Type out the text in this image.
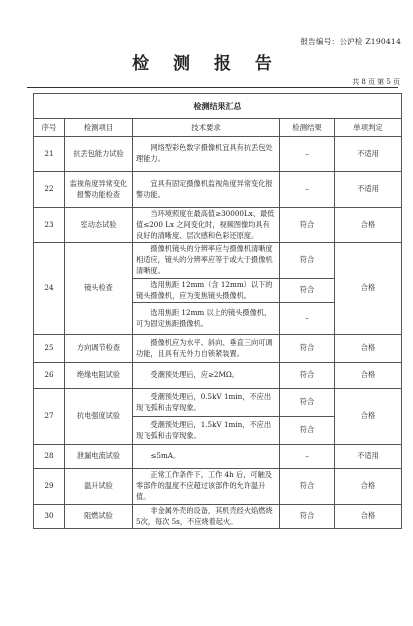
报告编号：公沪检 Z190414
检 测 报 告
共 8 页 第 5 页
检测结果汇总				
序号	检测项目	技术要求	检测结果	单项判定
21	抗丢包能力试验	网络型彩色数字摄像机宜具有抗丢包处理能力。	–	不适用
22	监视角度异常变化报警功能检查	宜具有固定摄像机监视角度异常变化报警功能。	–	不适用
23	室动态试验	当环境照度在最高值≥30000Lx、最低值≤200 Lx 之间变化时，视频图像均具有良好的清晰度、层次感和色彩还原度。	符合	合格
24	镜头检查	摄像机镜头的分辨率应与摄像机清晰度相适应，镜头的分辨率应等于或大于摄像机清晰度。	符合	合格
		选用焦距 12mm（含 12mm）以下的镜头摄像机，应为变焦镜头摄像机。	符合	
		选用焦距 12mm 以上的镜头摄像机，可为固定焦距摄像机。	–	
25	方向调节检查	摄像机应为水平、斜向、垂直三向可调功能，且具有无外力自锁紧装置。	符合	合格
26	绝缘电阻试验	受潮预处理后，应≥2MΩ。	符合	合格
27	抗电强度试验	受潮预处理后，0.5kV 1min，不应出现飞弧和击穿现象。	符合	合格
		受潮预处理后，1.5kV 1min，不应出现飞弧和击穿现象。	符合	
28	泄漏电流试验	≤5mA。	–	不适用
29	温升试验	正常工作条件下，工作 4h 后，可触及零部件的温度不应超过该部件的允许温升值。	符合	合格
30	阻燃试验	非金属外壳的设备，其机壳经火焰燃烧 5次，每次 5s，不应烧着起火。	符合	合格
